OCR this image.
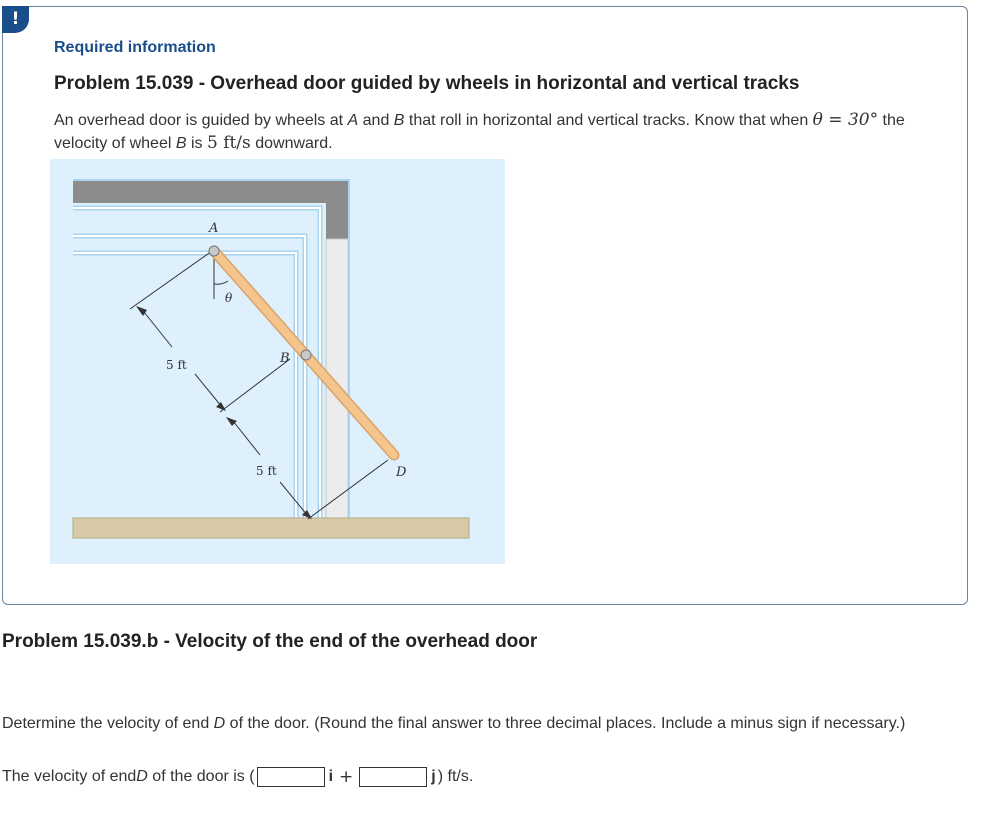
!
Required information
Problem 15.039 - Overhead door guided by wheels in horizontal and vertical tracks
An overhead door is guided by wheels at A and B that roll in horizontal and vertical tracks. Know that when θ = 30° the velocity of wheel B is 5 ft/s downward.
A
B
D
θ
5 ft
5 ft
Problem 15.039.b - Velocity of the end of the overhead door
Determine the velocity of end D of the door. (Round the final answer to three decimal places. Include a minus sign if necessary.)
The velocity of end D of the door is (	i +	j ) ft/s.
